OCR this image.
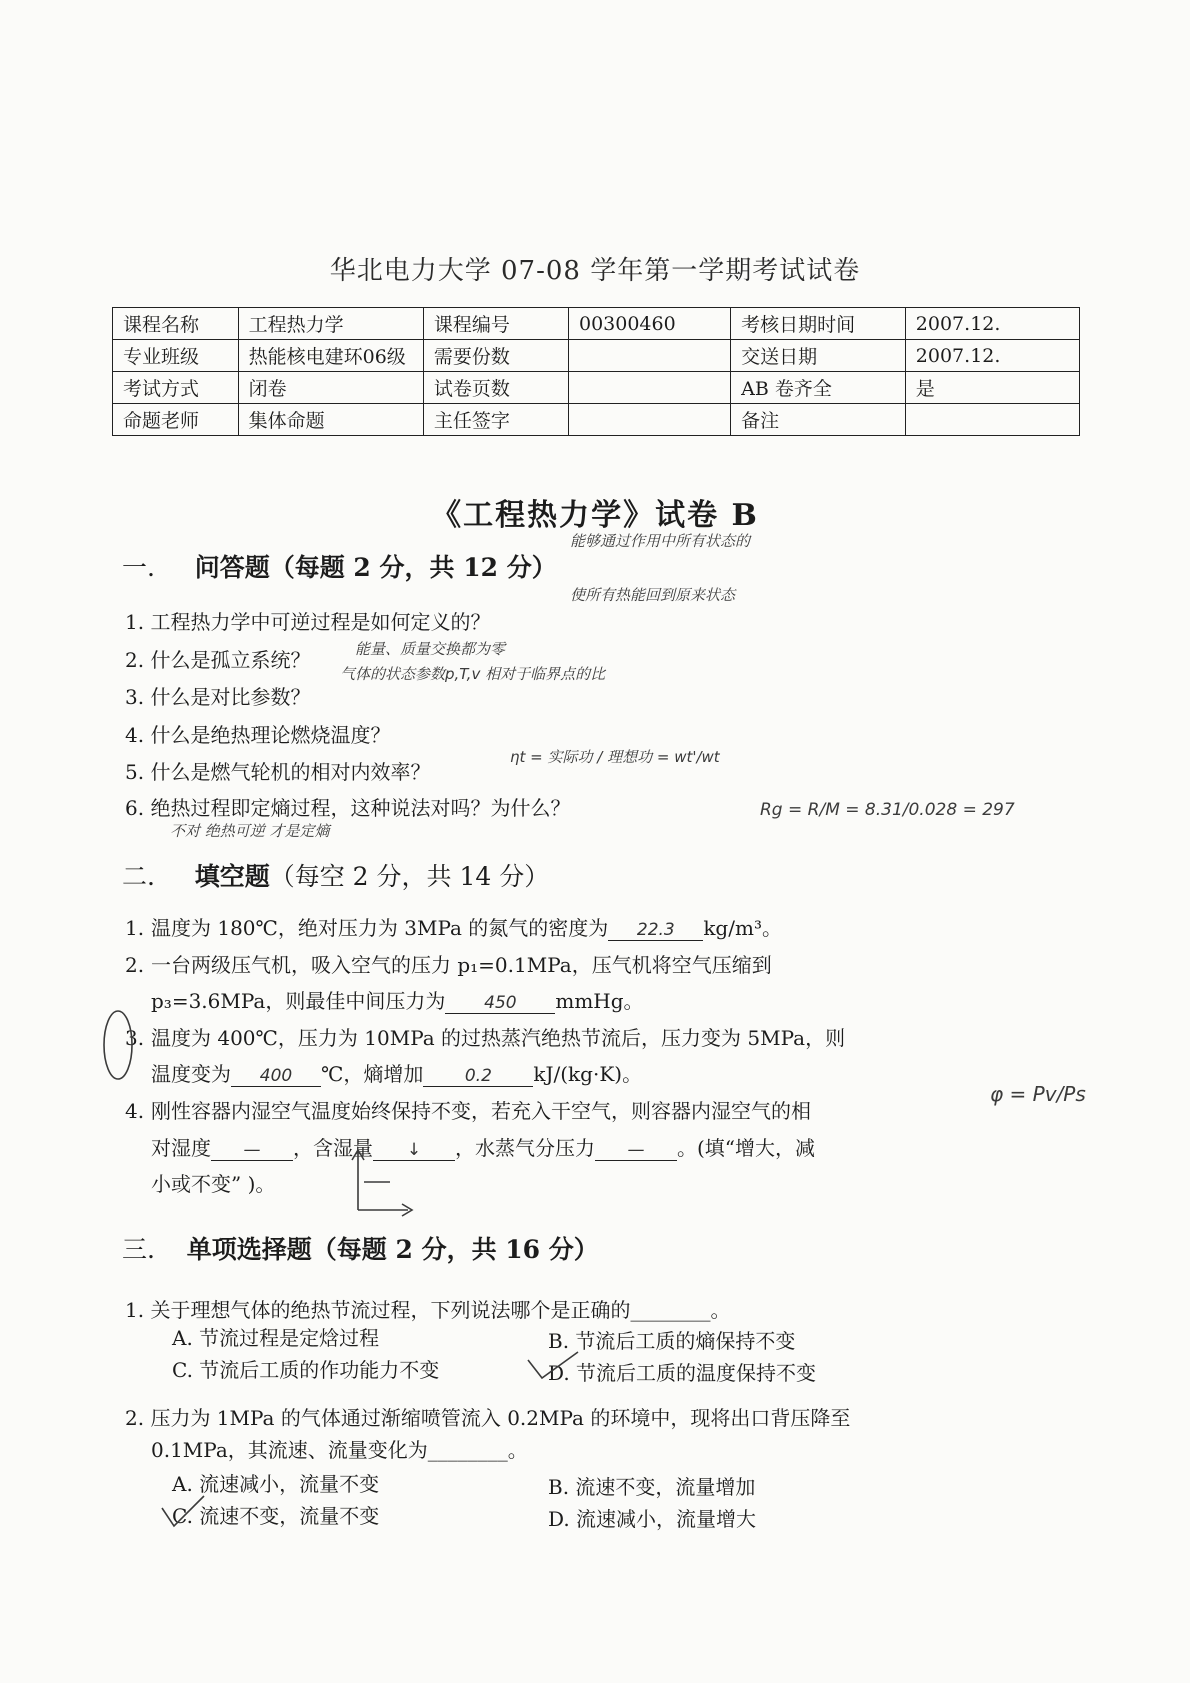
华北电力大学 07-08 学年第一学期考试试卷
课程名称	工程热力学	课程编号	00300460	考核日期时间	2007.12.
专业班级	热能核电建环06级	需要份数		交送日期	2007.12.
考试方式	闭卷	试卷页数		AB 卷齐全	是
命题老师	集体命题	主任签字		备注	
《工程热力学》试卷 B
一. 问答题（每题 2 分，共 12 分）
能够通过作用中所有状态的
使所有热能回到原来状态
1. 工程热力学中可逆过程是如何定义的？
2. 什么是孤立系统？	能量、质量交换都为零
3. 什么是对比参数？
气体的状态参数p,T,v 相对于临界点的比
4. 什么是绝热理论燃烧温度？
5. 什么是燃气轮机的相对内效率？
ηt = 实际功 / 理想功 = wt'/wt
6. 绝热过程即定熵过程，这种说法对吗？为什么？
不对 绝热可逆 才是定熵
Rg = R/M = 8.31/0.028 = 297
二. 填空题（每空 2 分，共 14 分）
1. 温度为 180℃，绝对压力为 3MPa 的氮气的密度为 22.3 kg/m³。
2. 一台两级压气机，吸入空气的压力 p₁=0.1MPa，压气机将空气压缩到
p₃=3.6MPa，则最佳中间压力为 450 mmHg。
3. 温度为 400℃，压力为 10MPa 的过热蒸汽绝热节流后，压力变为 5MPa，则
温度变为 400 ℃，熵增加 0.2 kJ/(kg·K)。
4. 刚性容器内湿空气温度始终保持不变，若充入干空气，则容器内湿空气的相
φ = Pv/Ps
对湿度 — ，含湿量 ↓ ，水蒸气分压力 — 。(填“增大，减
小或不变” )。
三. 单项选择题（每题 2 分，共 16 分）
1. 关于理想气体的绝热节流过程，下列说法哪个是正确的________。
A. 节流过程是定焓过程	B. 节流后工质的熵保持不变
C. 节流后工质的作功能力不变	D. 节流后工质的温度保持不变
2. 压力为 1MPa 的气体通过渐缩喷管流入 0.2MPa 的环境中，现将出口背压降至
0.1MPa，其流速、流量变化为________。
A. 流速减小，流量不变	B. 流速不变，流量增加
C. 流速不变，流量不变	D. 流速减小，流量增大
